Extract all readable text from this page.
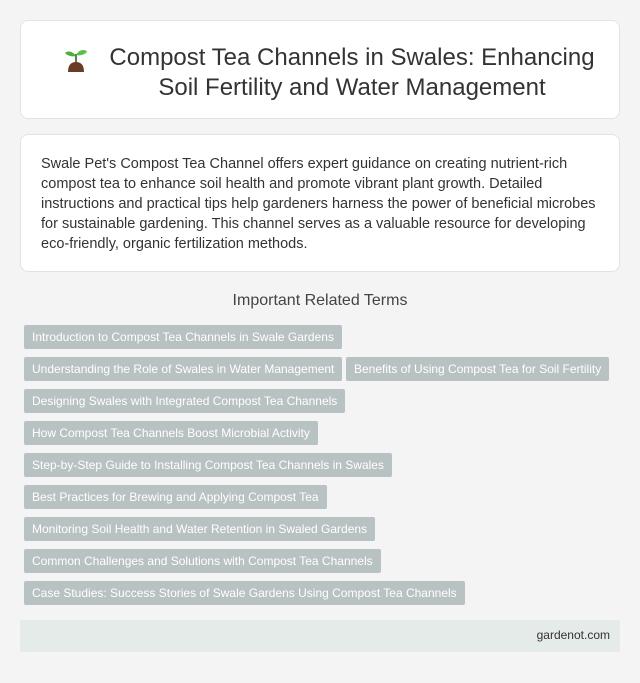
Compost Tea Channels in Swales: Enhancing Soil Fertility and Water Management

Swale Pet's Compost Tea Channel offers expert guidance on creating nutrient-rich compost tea to enhance soil health and promote vibrant plant growth. Detailed instructions and practical tips help gardeners harness the power of beneficial microbes for sustainable gardening. This channel serves as a valuable resource for developing eco-friendly, organic fertilization methods.

Important Related Terms
Introduction to Compost Tea Channels in Swale Gardens
Understanding the Role of Swales in Water Management	Benefits of Using Compost Tea for Soil Fertility
Designing Swales with Integrated Compost Tea Channels
How Compost Tea Channels Boost Microbial Activity
Step-by-Step Guide to Installing Compost Tea Channels in Swales
Best Practices for Brewing and Applying Compost Tea
Monitoring Soil Health and Water Retention in Swaled Gardens
Common Challenges and Solutions with Compost Tea Channels
Case Studies: Success Stories of Swale Gardens Using Compost Tea Channels
gardenot.com
